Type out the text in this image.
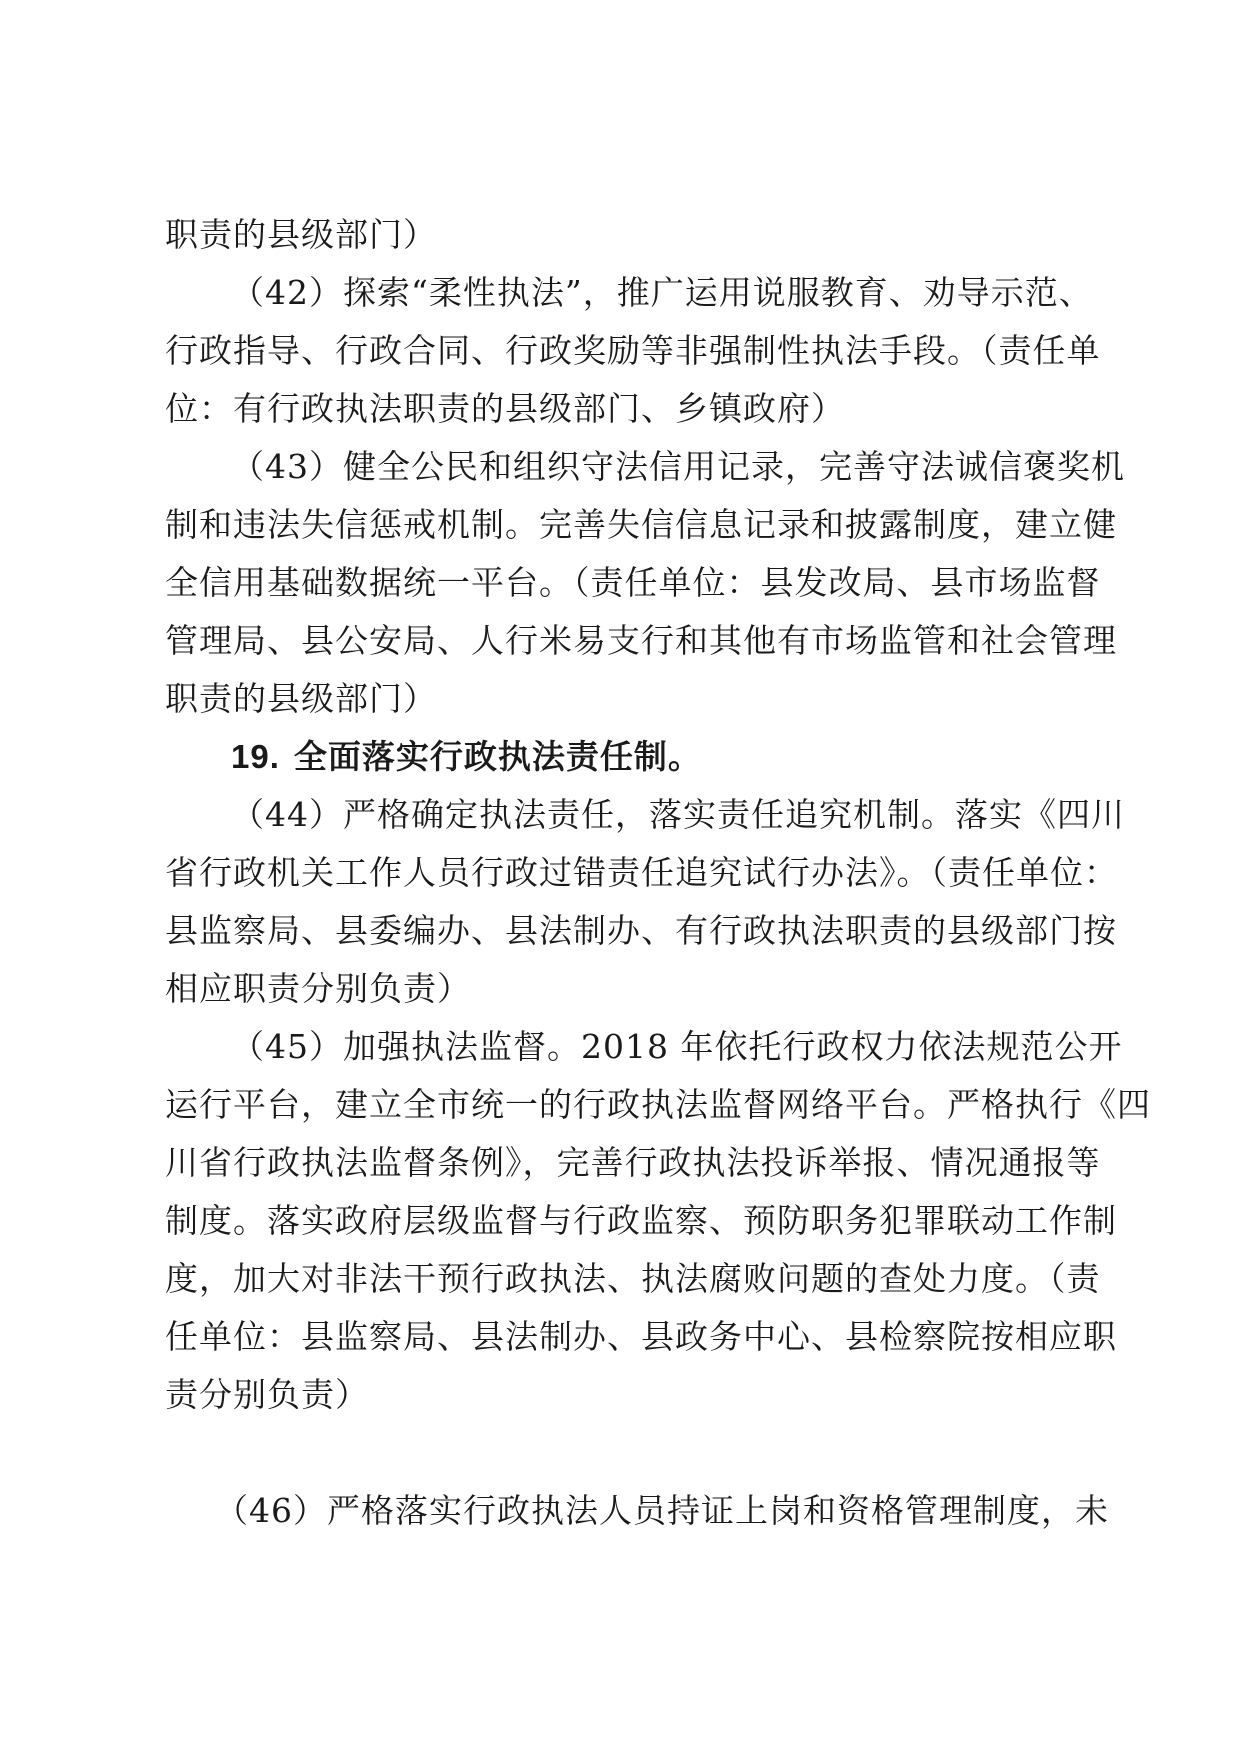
职责的县级部门）
（42）探索“柔性执法”，推广运用说服教育、劝导示范、
行政指导、行政合同、行政奖励等非强制性执法手段。（责任单
位：有行政执法职责的县级部门、乡镇政府）
（43）健全公民和组织守法信用记录，完善守法诚信褒奖机
制和违法失信惩戒机制。完善失信信息记录和披露制度，建立健
全信用基础数据统一平台。（责任单位：县发改局、县市场监督
管理局、县公安局、人行米易支行和其他有市场监管和社会管理
职责的县级部门）
19. 全面落实行政执法责任制。
（44）严格确定执法责任，落实责任追究机制。落实《四川
省行政机关工作人员行政过错责任追究试行办法》。（责任单位：
县监察局、县委编办、县法制办、有行政执法职责的县级部门按
相应职责分别负责）
（45）加强执法监督。2018 年依托行政权力依法规范公开
运行平台，建立全市统一的行政执法监督网络平台。严格执行《四
川省行政执法监督条例》，完善行政执法投诉举报、情况通报等
制度。落实政府层级监督与行政监察、预防职务犯罪联动工作制
度，加大对非法干预行政执法、执法腐败问题的查处力度。（责
任单位：县监察局、县法制办、县政务中心、县检察院按相应职
责分别负责）
（46）严格落实行政执法人员持证上岗和资格管理制度，未
